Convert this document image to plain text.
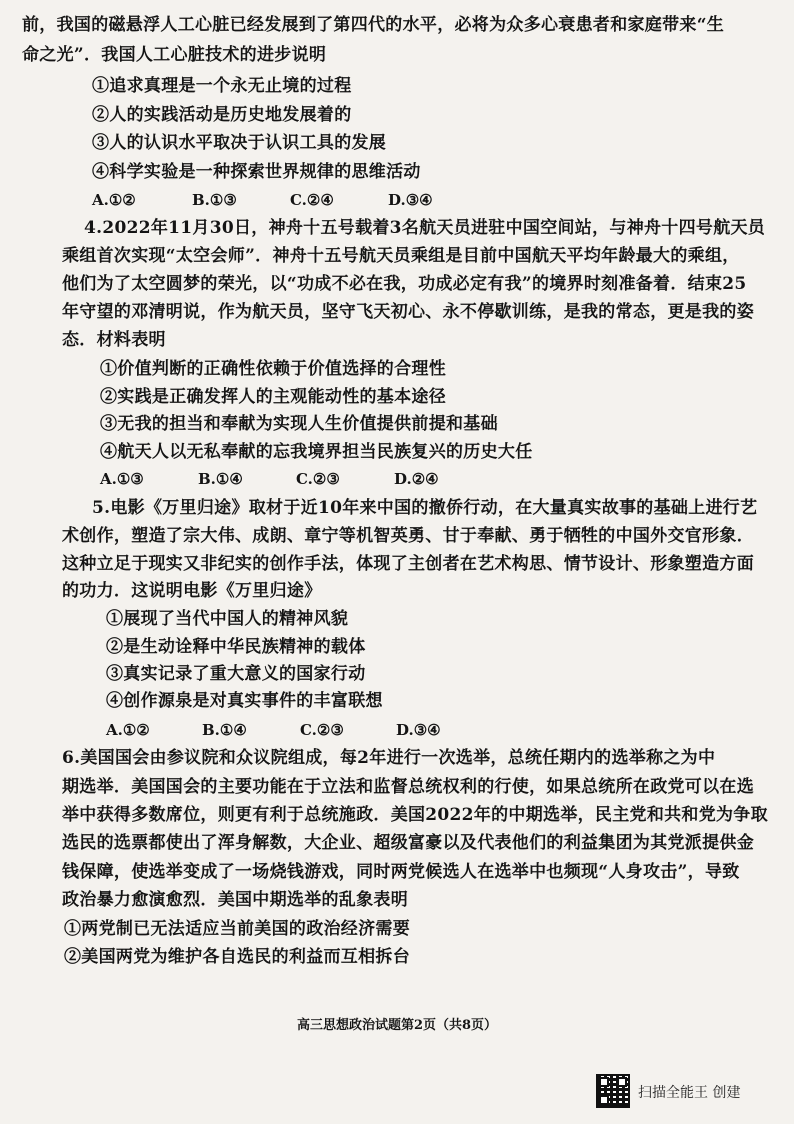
前，我国的磁悬浮人工心脏已经发展到了第四代的水平，必将为众多心衰患者和家庭带来“生
命之光”．我国人工心脏技术的进步说明
①追求真理是一个永无止境的过程
②人的实践活动是历史地发展着的
③人的认识水平取决于认识工具的发展
④科学实验是一种探索世界规律的思维活动
A.①②	B.①③	C.②④	D.③④
4.2022年11月30日，神舟十五号载着3名航天员进驻中国空间站，与神舟十四号航天员
乘组首次实现“太空会师”．神舟十五号航天员乘组是目前中国航天平均年龄最大的乘组，
他们为了太空圆梦的荣光，以“功成不必在我，功成必定有我”的境界时刻准备着．结束25
年守望的邓清明说，作为航天员，坚守飞天初心、永不停歇训练，是我的常态，更是我的姿
态．材料表明
①价值判断的正确性依赖于价值选择的合理性
②实践是正确发挥人的主观能动性的基本途径
③无我的担当和奉献为实现人生价值提供前提和基础
④航天人以无私奉献的忘我境界担当民族复兴的历史大任
A.①③	B.①④	C.②③	D.②④
5.电影《万里归途》取材于近10年来中国的撤侨行动，在大量真实故事的基础上进行艺
术创作，塑造了宗大伟、成朗、章宁等机智英勇、甘于奉献、勇于牺牲的中国外交官形象．
这种立足于现实又非纪实的创作手法，体现了主创者在艺术构思、情节设计、形象塑造方面
的功力．这说明电影《万里归途》
①展现了当代中国人的精神风貌
②是生动诠释中华民族精神的载体
③真实记录了重大意义的国家行动
④创作源泉是对真实事件的丰富联想
A.①②	B.①④	C.②③	D.③④
6.美国国会由参议院和众议院组成，每2年进行一次选举，总统任期内的选举称之为中
期选举．美国国会的主要功能在于立法和监督总统权利的行使，如果总统所在政党可以在选
举中获得多数席位，则更有利于总统施政．美国2022年的中期选举，民主党和共和党为争取
选民的选票都使出了浑身解数，大企业、超级富豪以及代表他们的利益集团为其党派提供金
钱保障，使选举变成了一场烧钱游戏，同时两党候选人在选举中也频现“人身攻击”，导致
政治暴力愈演愈烈．美国中期选举的乱象表明
①两党制已无法适应当前美国的政治经济需要
②美国两党为维护各自选民的利益而互相拆台
高三思想政治试题第2页（共8页）
扫描全能王 创建
